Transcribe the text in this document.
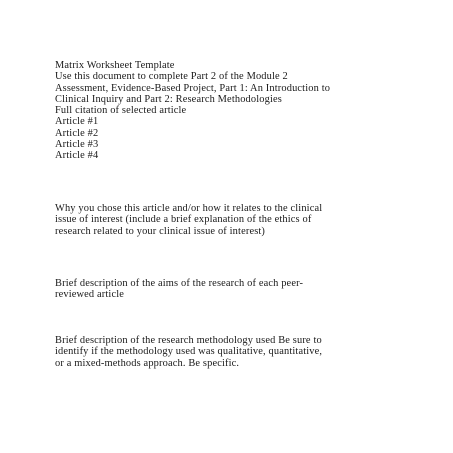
Matrix Worksheet Template
Use this document to complete Part 2 of the Module 2
Assessment, Evidence-Based Project, Part 1: An Introduction to
Clinical Inquiry and Part 2: Research Methodologies
Full citation of selected article
Article #1
Article #2
Article #3
Article #4
Why you chose this article and/or how it relates to the clinical
issue of interest (include a brief explanation of the ethics of
research related to your clinical issue of interest)
Brief description of the aims of the research of each peer-
reviewed article
Brief description of the research methodology used Be sure to
identify if the methodology used was qualitative, quantitative,
or a mixed-methods approach. Be specific.
